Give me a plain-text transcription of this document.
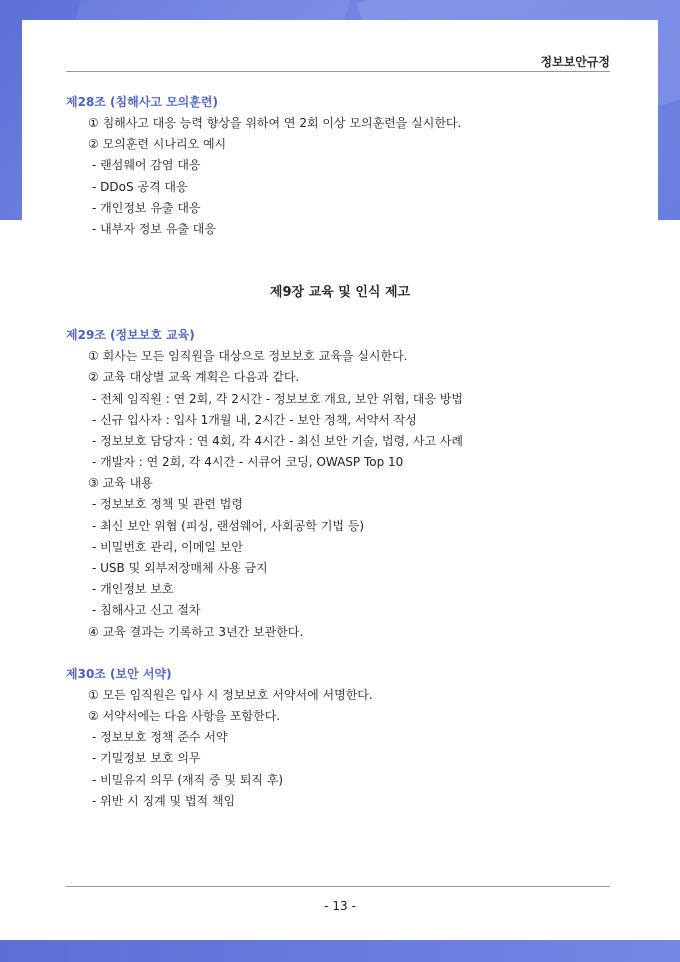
정보보안규정
제28조 (침해사고 모의훈련)
① 침해사고 대응 능력 향상을 위하여 연 2회 이상 모의훈련을 실시한다.
② 모의훈련 시나리오 예시
- 랜섬웨어 감염 대응
- DDoS 공격 대응
- 개인정보 유출 대응
- 내부자 정보 유출 대응
제9장 교육 및 인식 제고
제29조 (정보보호 교육)
① 회사는 모든 임직원을 대상으로 정보보호 교육을 실시한다.
② 교육 대상별 교육 계획은 다음과 같다.
- 전체 임직원 : 연 2회, 각 2시간 - 정보보호 개요, 보안 위협, 대응 방법
- 신규 입사자 : 입사 1개월 내, 2시간 - 보안 정책, 서약서 작성
- 정보보호 담당자 : 연 4회, 각 4시간 - 최신 보안 기술, 법령, 사고 사례
- 개발자 : 연 2회, 각 4시간 - 시큐어 코딩, OWASP Top 10
③ 교육 내용
- 정보보호 정책 및 관련 법령
- 최신 보안 위협 (피싱, 랜섬웨어, 사회공학 기법 등)
- 비밀번호 관리, 이메일 보안
- USB 및 외부저장매체 사용 금지
- 개인정보 보호
- 침해사고 신고 절차
④ 교육 결과는 기록하고 3년간 보관한다.
제30조 (보안 서약)
① 모든 임직원은 입사 시 정보보호 서약서에 서명한다.
② 서약서에는 다음 사항을 포함한다.
- 정보보호 정책 준수 서약
- 기밀정보 보호 의무
- 비밀유지 의무 (재직 중 및 퇴직 후)
- 위반 시 징계 및 법적 책임
- 13 -
